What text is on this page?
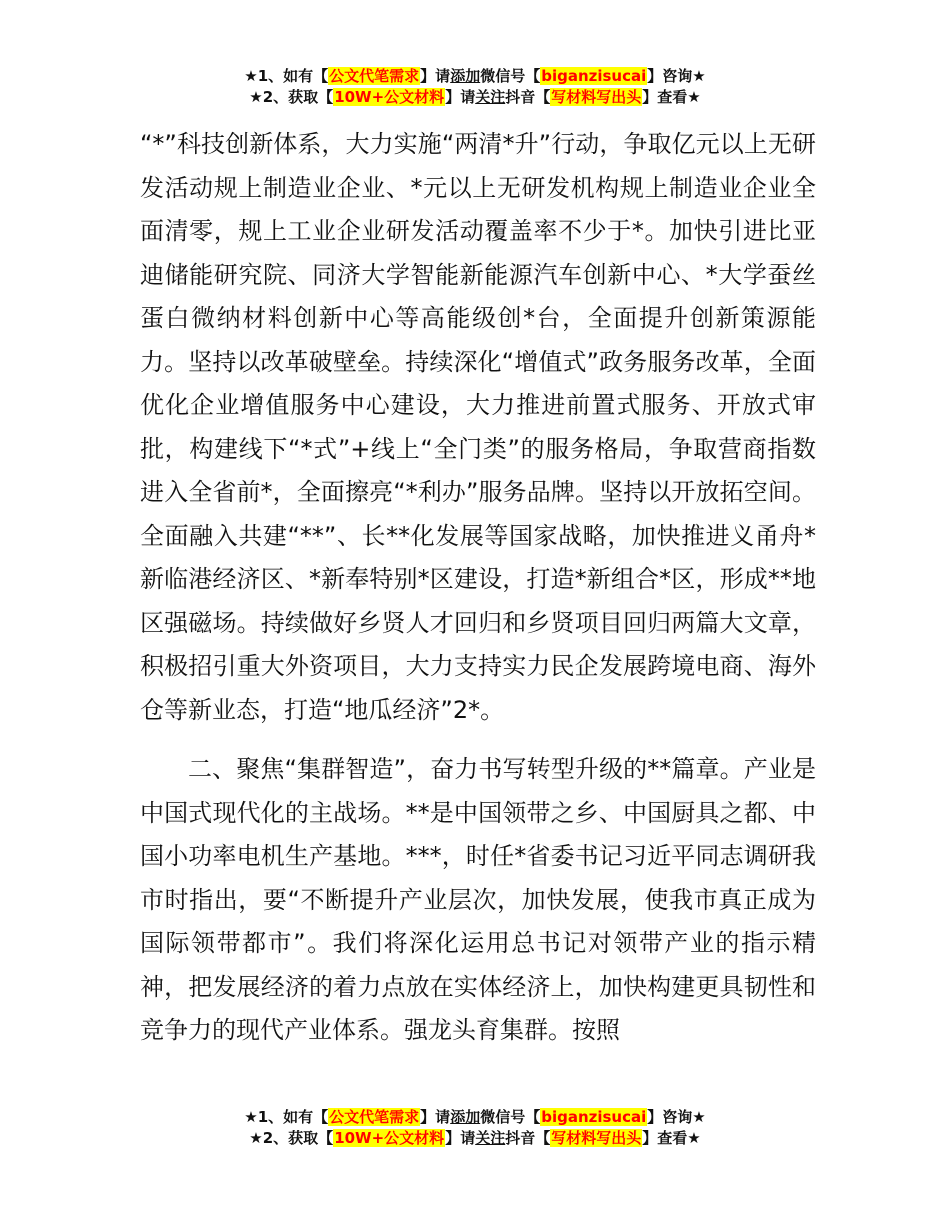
★1、如有【公文代笔需求】请添加微信号【biganzisucai】咨询★
★2、获取【10W+公文材料】请关注抖音【写材料写出头】查看★

“*”科技创新体系，大力实施“两清*升”行动，争取亿元以上无研发活动规上制造业企业、*元以上无研发机构规上制造业企业全面清零，规上工业企业研发活动覆盖率不少于*。加快引进比亚迪储能研究院、同济大学智能新能源汽车创新中心、*大学蚕丝蛋白微纳材料创新中心等高能级创*台，全面提升创新策源能力。坚持以改革破壁垒。持续深化“增值式”政务服务改革，全面优化企业增值服务中心建设，大力推进前置式服务、开放式审批，构建线下“*式”+线上“全门类”的服务格局，争取营商指数进入全省前*，全面擦亮“*利办”服务品牌。坚持以开放拓空间。全面融入共建“**”、长**化发展等国家战略，加快推进义甬舟*新临港经济区、*新奉特别*区建设，打造*新组合*区，形成**地区强磁场。持续做好乡贤人才回归和乡贤项目回归两篇大文章，积极招引重大外资项目，大力支持实力民企发展跨境电商、海外仓等新业态，打造“地瓜经济”2*。

二、聚焦“集群智造”，奋力书写转型升级的**篇章。产业是中国式现代化的主战场。**是中国领带之乡、中国厨具之都、中国小功率电机生产基地。***，时任*省委书记习近平同志调研我市时指出，要“不断提升产业层次，加快发展，使我市真正成为国际领带都市”。我们将深化运用总书记对领带产业的指示精神，把发展经济的着力点放在实体经济上，加快构建更具韧性和竞争力的现代产业体系。强龙头育集群。按照

★1、如有【公文代笔需求】请添加微信号【biganzisucai】咨询★
★2、获取【10W+公文材料】请关注抖音【写材料写出头】查看★
